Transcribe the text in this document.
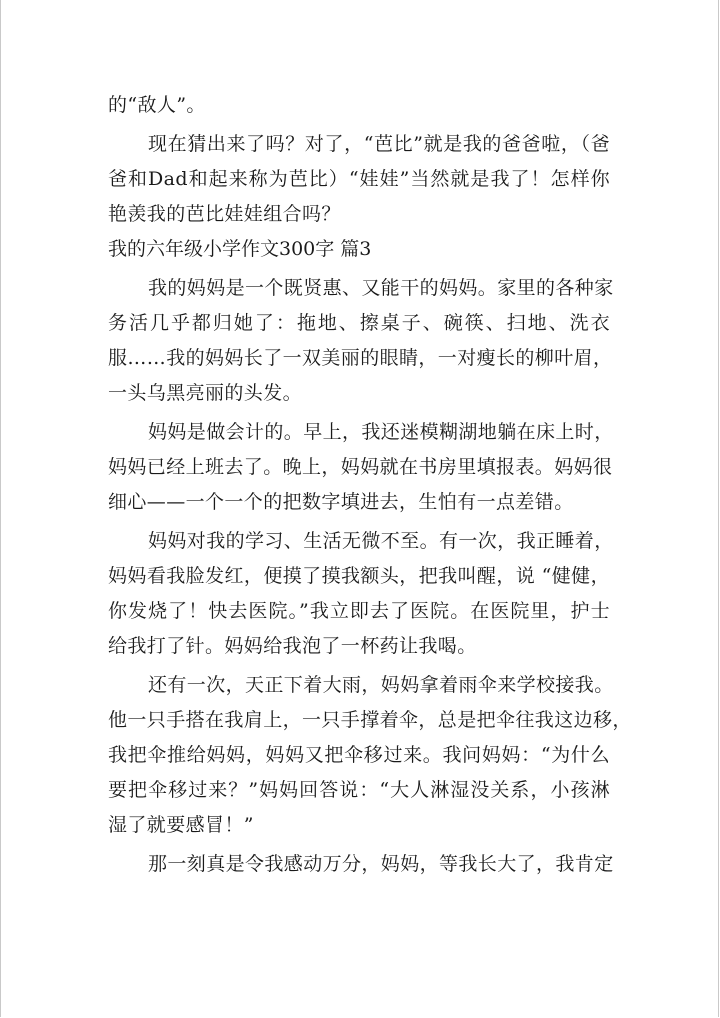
的“敌人”。
现在猜出来了吗？对了，“芭比”就是我的爸爸啦，（爸
爸和Dad和起来称为芭比）“娃娃”当然就是我了！怎样你
艳羡我的芭比娃娃组合吗？
我的六年级小学作文300字 篇3
我的妈妈是一个既贤惠、又能干的妈妈。家里的各种家
务活几乎都归她了：拖地、擦桌子、碗筷、扫地、洗衣
服……我的妈妈长了一双美丽的眼睛，一对瘦长的柳叶眉，
一头乌黑亮丽的头发。
妈妈是做会计的。早上，我还迷模糊湖地躺在床上时，
妈妈已经上班去了。晚上，妈妈就在书房里填报表。妈妈很
细心——一个一个的把数字填进去，生怕有一点差错。
妈妈对我的学习、生活无微不至。有一次，我正睡着，
妈妈看我脸发红，便摸了摸我额头，把我叫醒，说 “健健，
你发烧了！快去医院。”我立即去了医院。在医院里，护士
给我打了针。妈妈给我泡了一杯药让我喝。
还有一次，天正下着大雨，妈妈拿着雨伞来学校接我。
他一只手搭在我肩上，一只手撑着伞，总是把伞往我这边移，
我把伞推给妈妈，妈妈又把伞移过来。我问妈妈：“为什么
要把伞移过来？”妈妈回答说：“大人淋湿没关系，小孩淋
湿了就要感冒！”
那一刻真是令我感动万分，妈妈，等我长大了，我肯定
